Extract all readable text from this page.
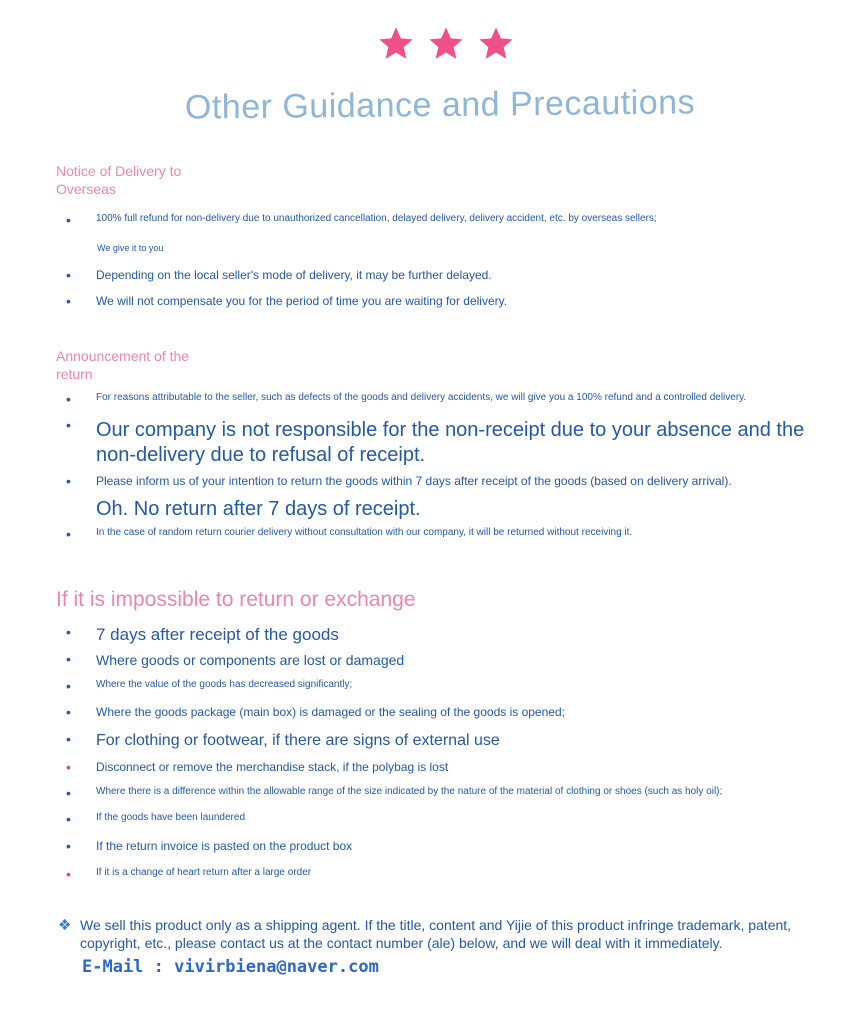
Other Guidance and Precautions
Notice of Delivery to Overseas
•	100% full refund for non-delivery due to unauthorized cancellation, delayed delivery, delivery accident, etc. by overseas sellers;
We give it to you
•	Depending on the local seller's mode of delivery, it may be further delayed.
•	We will not compensate you for the period of time you are waiting for delivery.
Announcement of the return
•	For reasons attributable to the seller, such as defects of the goods and delivery accidents, we will give you a 100% refund and a controlled delivery.
•	Our company is not responsible for the non-receipt due to your absence and the non-delivery due to refusal of receipt.
•	Please inform us of your intention to return the goods within 7 days after receipt of the goods (based on delivery arrival).
Oh. No return after 7 days of receipt.
•	In the case of random return courier delivery without consultation with our company, it will be returned without receiving it.
If it is impossible to return or exchange
•	7 days after receipt of the goods
•	Where goods or components are lost or damaged
•	Where the value of the goods has decreased significantly;
•	Where the goods package (main box) is damaged or the sealing of the goods is opened;
•	For clothing or footwear, if there are signs of external use
•	Disconnect or remove the merchandise stack, if the polybag is lost
•	Where there is a difference within the allowable range of the size indicated by the nature of the material of clothing or shoes (such as holy oil);
•	If the goods have been laundered
•	If the return invoice is pasted on the product box
•	If it is a change of heart return after a large order
❖ We sell this product only as a shipping agent. If the title, content and Yijie of this product infringe trademark, patent, copyright, etc., please contact us at the contact number (ale) below, and we will deal with it immediately.
E-Mail : vivirbiena@naver.com
